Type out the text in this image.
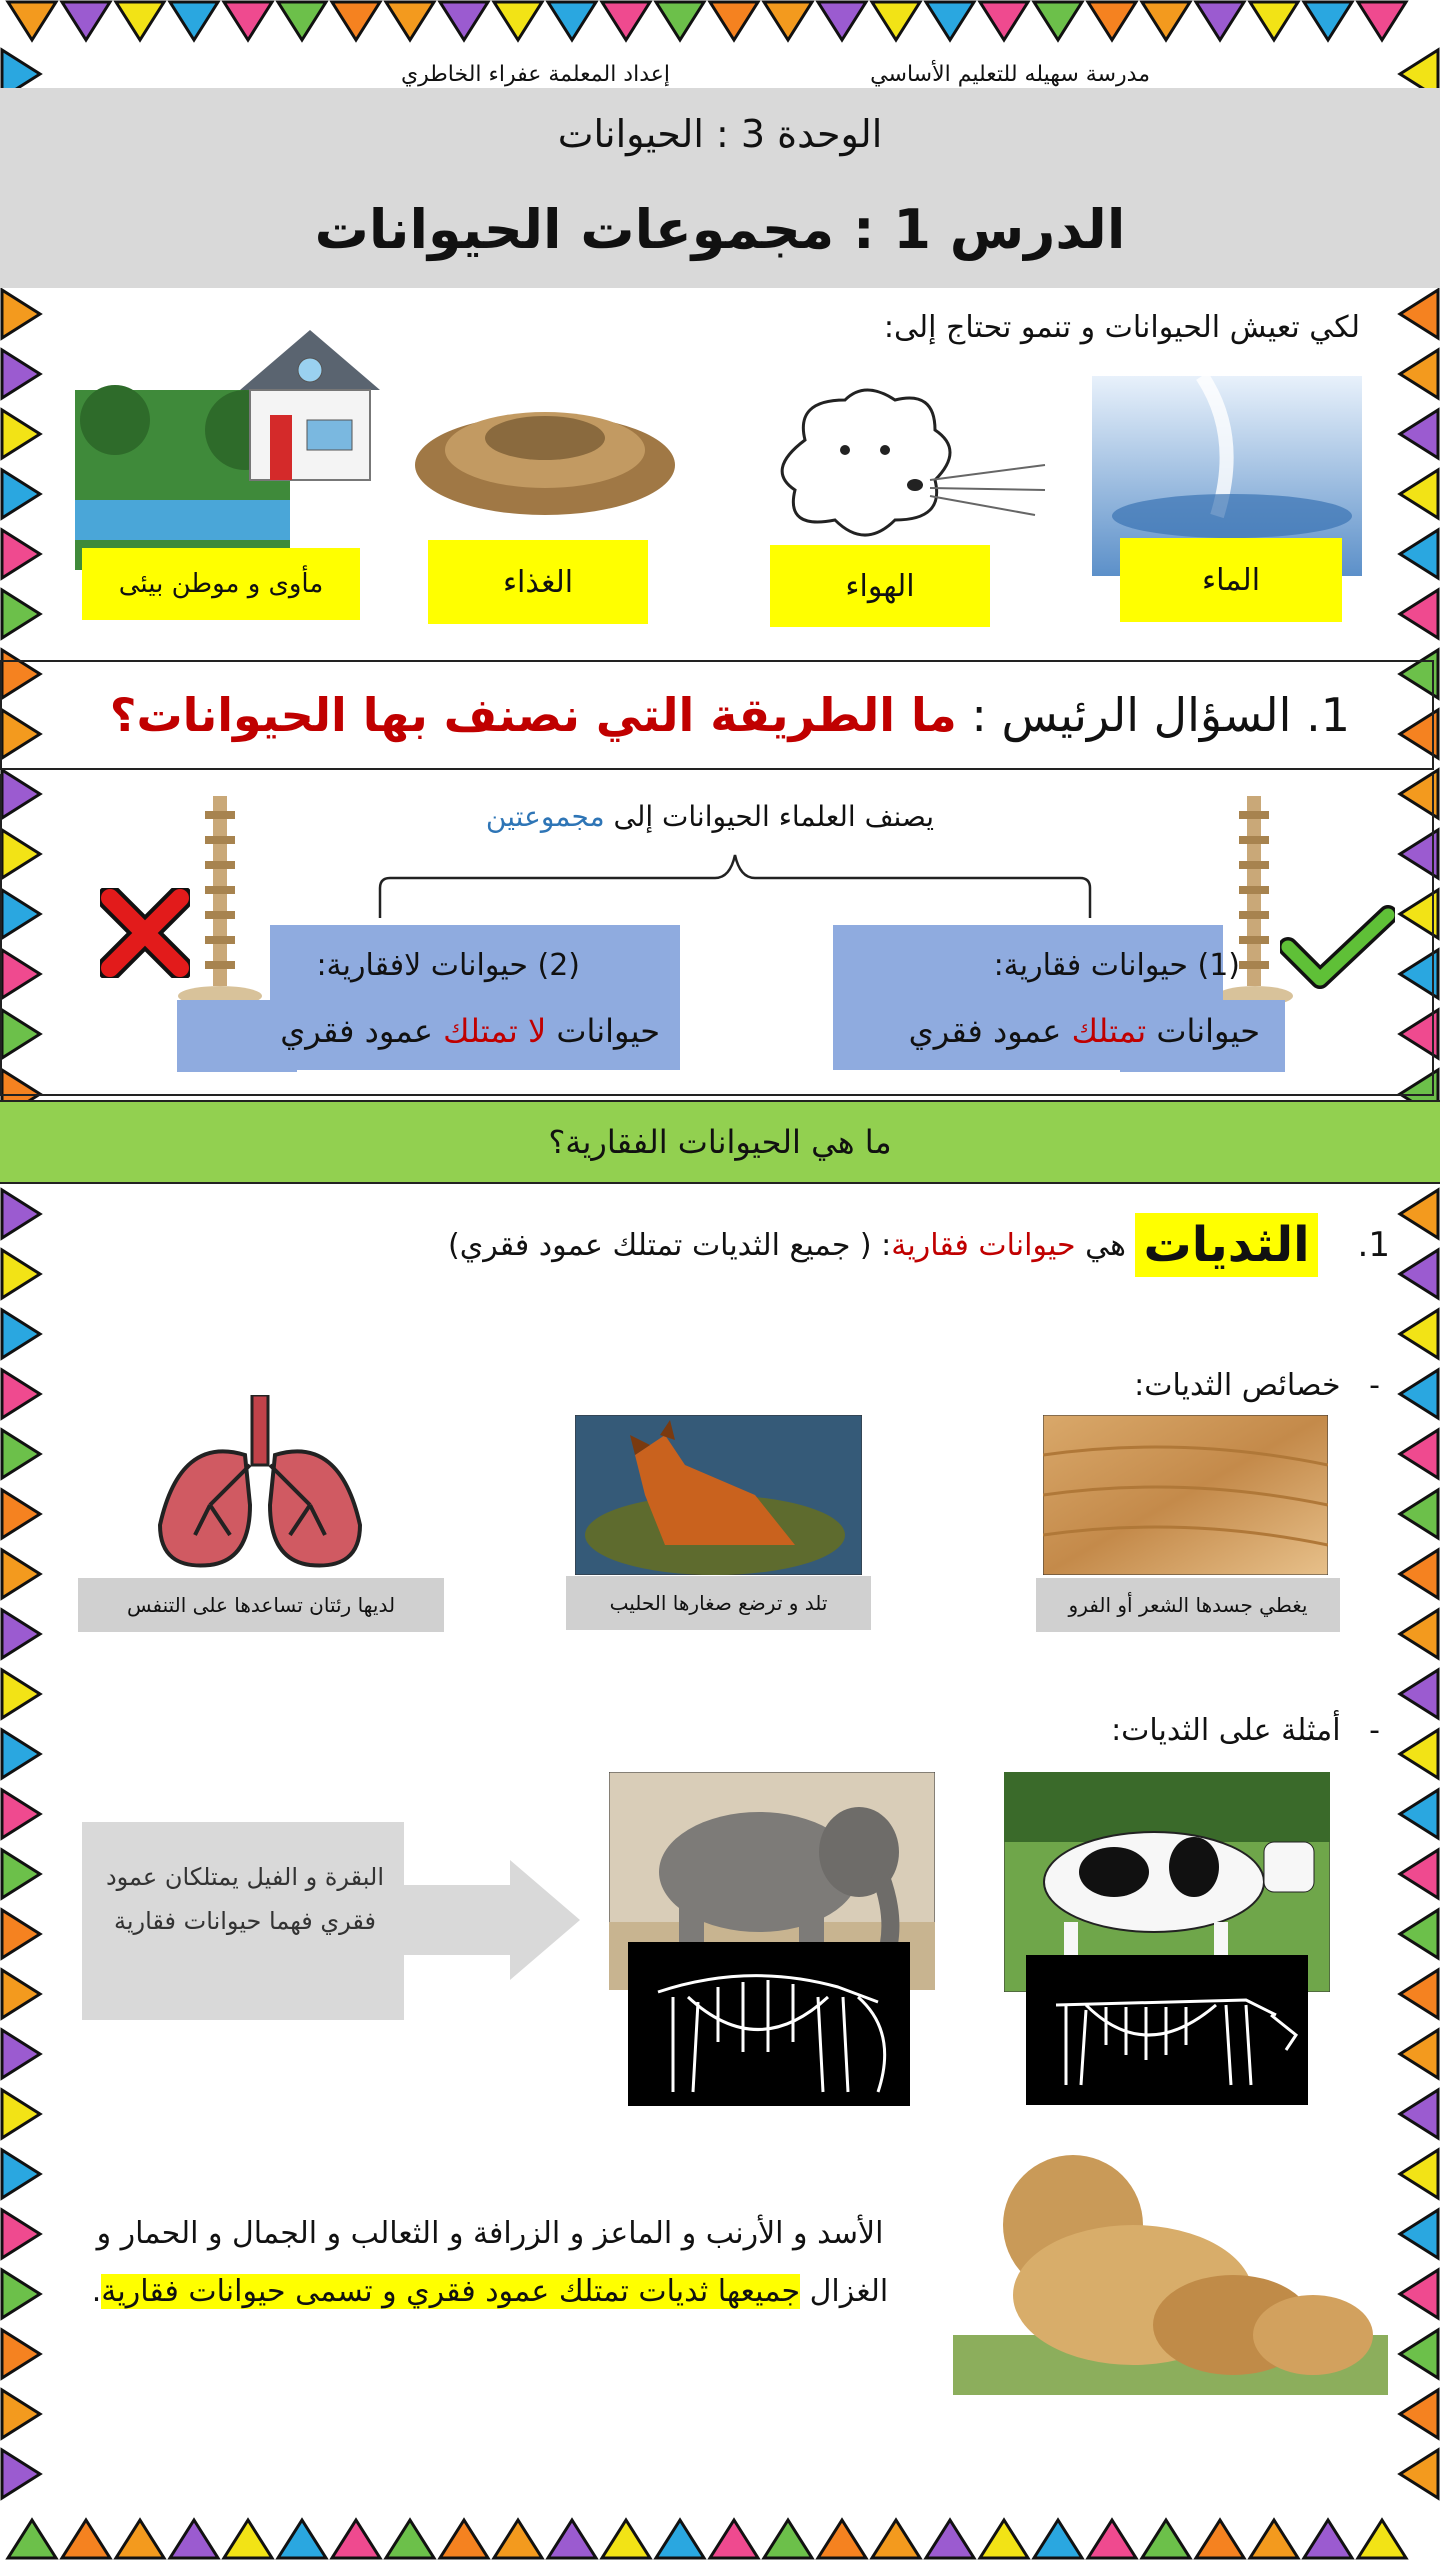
مدرسة سهيله للتعليم الأساسي
إعداد المعلمة عفراء الخاطري
الوحدة 3 : الحيوانات
الدرس 1 : مجموعات الحيوانات
لكي تعيش الحيوانات و تنمو تحتاج إلى:
الماء
الهواء
الغذاء
مأوى و موطن بيئى
1. السؤال الرئيس : ما الطريقة التي نصنف بها الحيوانات؟
يصنف العلماء الحيوانات إلى مجموعتين
(1) حيوانات فقارية:
حيوانات تمتلك عمود فقري
(2) حيوانات لافقارية:
حيوانات لا تمتلك عمود فقري
ما هي الحيوانات الفقارية؟
1.
الثديات
هي
حيوانات فقارية
: ( جميع الثديات تمتلك عمود فقري)
-   خصائص الثديات:
يغطي جسدها الشعر أو الفرو
تلد و ترضع صغارها الحليب
لديها رئتان تساعدها على التنفس
-   أمثلة على الثديات:
البقرة و الفيل يمتلكان عمود فقري فهما حيوانات فقارية
الأسد و الأرنب و الماعز و الزرافة و الثعالب و الجمال و الحمار و الغزال جميعها ثديات تمتلك عمود فقري و تسمى حيوانات فقارية.
